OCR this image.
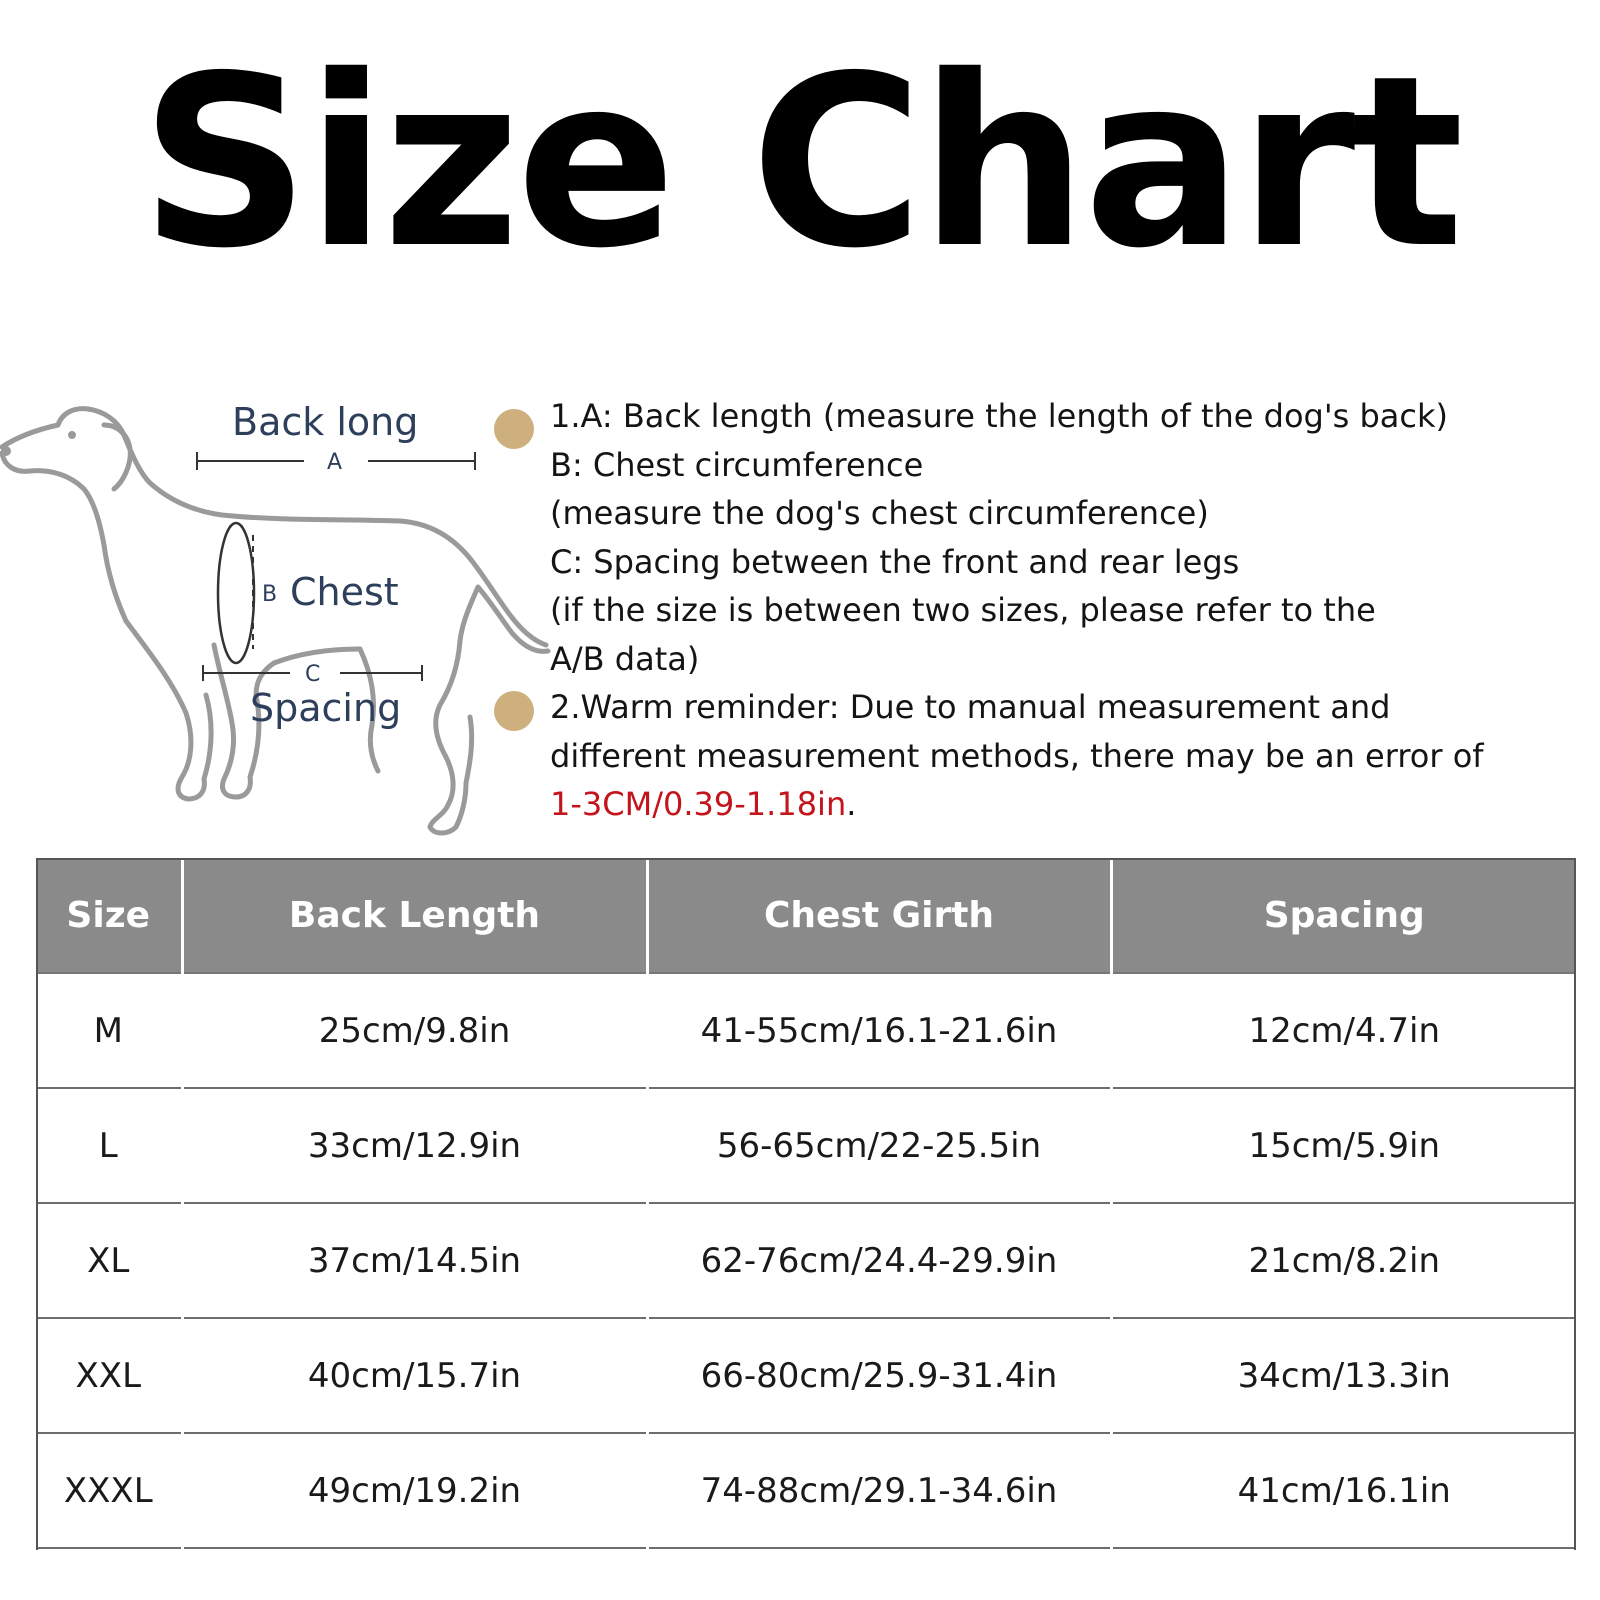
Size Chart
Back long
A
B Chest
C
Spacing
1.A: Back length (measure the length of the dog's back)
B: Chest circumference
(measure the dog's chest circumference)
C: Spacing between the front and rear legs
(if the size is between two sizes, please refer to the
A/B data)
2.Warm reminder: Due to manual measurement and
different measurement methods, there may be an error of
1-3CM/0.39-1.18in.
Size	Back Length	Chest Girth	Spacing
M	25cm/9.8in	41-55cm/16.1-21.6in	12cm/4.7in
L	33cm/12.9in	56-65cm/22-25.5in	15cm/5.9in
XL	37cm/14.5in	62-76cm/24.4-29.9in	21cm/8.2in
XXL	40cm/15.7in	66-80cm/25.9-31.4in	34cm/13.3in
XXXL	49cm/19.2in	74-88cm/29.1-34.6in	41cm/16.1in
